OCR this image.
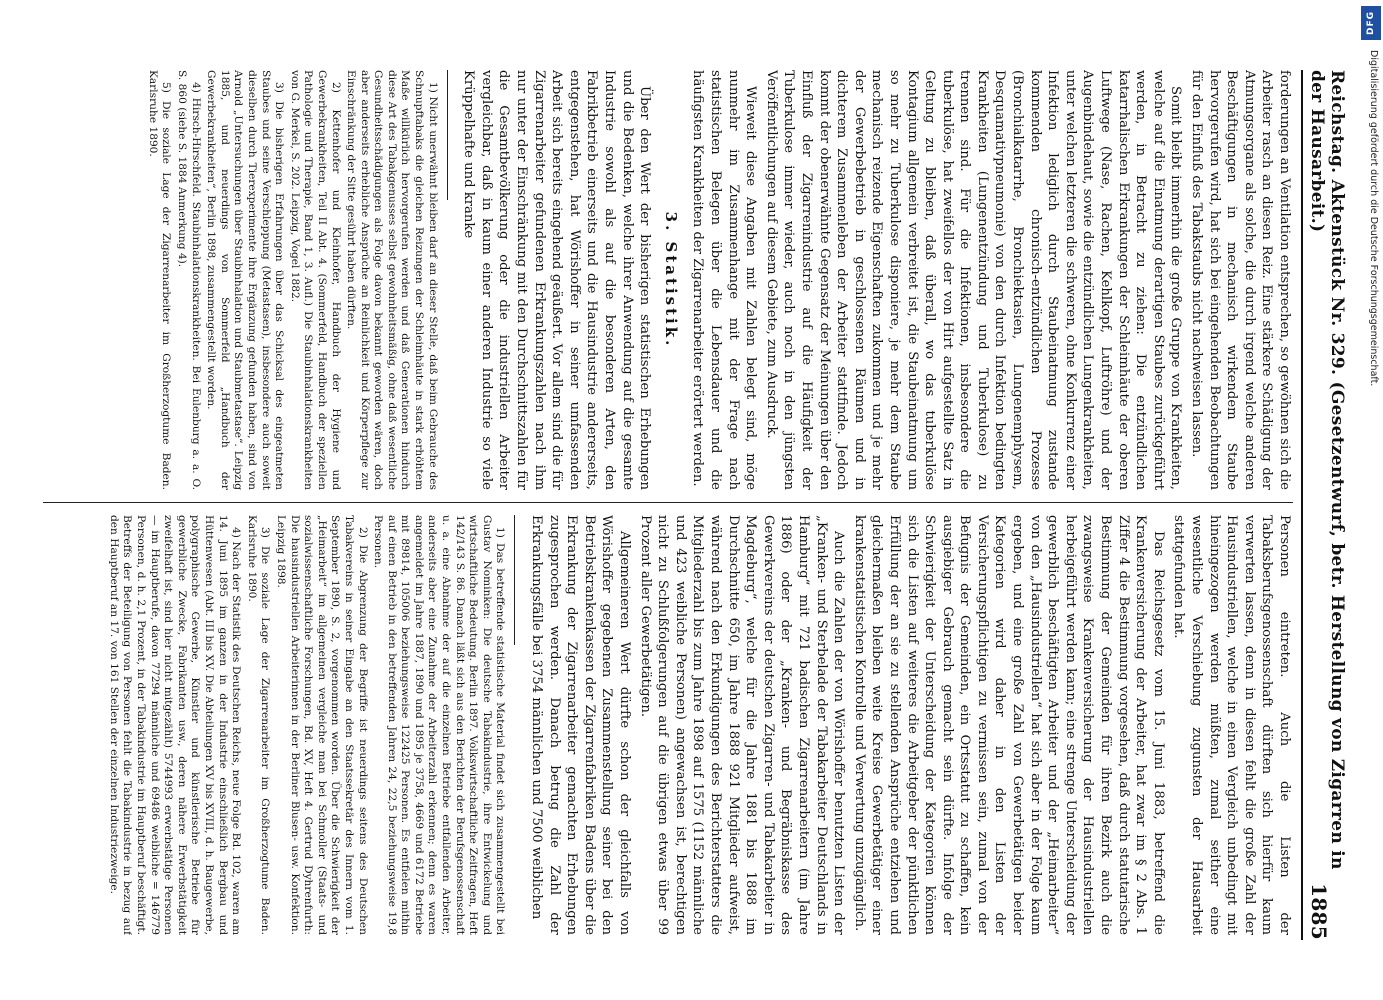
Reichstag. Aktenstück Nr. 329. (Gesetzentwurf, betr. Herstellung von Zigarren in der Hausarbeit.)
1885

forderungen an Ventilation entsprechen, so gewöhnen sich die Arbeiter rasch an diesen Reiz. Eine stärkere Schädigung der Atmungsorgane als solche, die durch irgend welche anderen Beschäftigungen in mechanisch wirkendem Staube hervorgerufen wird, hat sich bei eingehenden Beobachtungen für den Einfluß des Tabakstaubs nicht nachweisen lassen.

Somit bleibt immerhin die große Gruppe von Krankheiten, welche auf die Einatmung derartigen Staubes zurückgeführt werden, in Betracht zu ziehen: Die entzündlichen katarrhalischen Erkrankungen der Schleimhäute der oberen Luftwege (Nase, Rachen, Kehlkopf, Luftröhre) und der Augenbindehaut, sowie die entzündlichen Lungenkrankheiten, unter welchen letzteren die schweren, ohne Konkurrenz einer Infektion lediglich durch Staubeinatmung zustande kommenden chronisch-entzündlichen Prozesse (Bronchialkatarrhe, Bronchiektasien, Lungenemphysem, Desquamativpneumonie) von den durch Infektion bedingten Krankheiten (Lungenentzündung und Tuberkulose) zu trennen sind. Für die Infektionen, insbesondere die tuberkulöse, hat zweifellos der von Hirt aufgestellte Satz in Geltung zu bleiben, daß überall, wo das tuberkulöse Kontagium allgemein verbreitet ist, die Staubeinatmung um so mehr zu Tuberkulose disponiere, je mehr dem Staube mechanisch reizende Eigenschaften zukommen und je mehr der Gewerbebetrieb in geschlossenen Räumen und in dichterem Zusammenleben der Arbeiter stattfinde. Jedoch kommt der obenerwähnte Gegensatz der Meinungen über den Einfluß der Zigarrenindustrie auf die Häufigkeit der Tuberkulose immer wieder, auch noch in den jüngsten Veröffentlichungen auf diesem Gebiete, zum Ausdruck.

Wieweit diese Angaben mit Zahlen belegt sind, möge nunmehr im Zusammenhange mit der Frage nach statistischen Belegen über die Lebensdauer und die häufigsten Krankheiten der Zigarrenarbeiter erörtert werden.

3. Statistik.

Über den Wert der bisherigen statistischen Erhebungen und die Bedenken, welche ihrer Anwendung auf die gesamte Industrie sowohl als auf die besonderen Arten, den Fabrikbetrieb einerseits und die Hausindustrie andererseits, entgegenstehen, hat Wörishoffer in seiner umfassenden Arbeit sich bereits eingehend geäußert. Vor allem sind die für Zigarrenarbeiter gefundenen Erkrankungszahlen nach ihm nur unter der Einschränkung mit den Durchschnittszahlen für die Gesamtbevölkerung oder die industriellen Arbeiter vergleichbar, daß in kaum einer anderen Industrie so viele Krüppelhafte und kranke

1) Nicht unerwähnt bleiben darf an dieser Stelle, daß beim Gebrauche des Schnupftabaks die gleichen Reizungen der Schleimhäute in stark erhöhtem Maße willkürlich hervorgerufen werden und daß Generationen hindurch diese Art des Tabakgenusses selbst gewohnheitsmäßig, ohne daß wesentliche Gesundheitsschädigungen als Folge davon bekannt geworden wären, doch aber anderseits erhebliche Ansprüche an Reinlichkeit und Körperpflege zur Einschränkung der Sitte gesührt haben dürften.

2) Kettenhofer und Kleinhofer, Handbuch der Hygiene und Gewerbekrankheiten, Teil II Abt. 4. (Sommerfeld, Handbuch der speziellen Pathologie und Therapie, Band 1, 3. Aufl.) Die Staubinhalationskrankheiten von G. Merkel, S. 202. Leipzig, Vogel 1882.

3) Die bisherigen Erfahrungen über das Schicksal des eingeatmeten Staubes und seine Verschleppung (Metastasen), insbesondere auch soweit dieselben durch Tierexperimente ihre Ergänzung gefunden haben, sind von Arnold „Untersuchungen über Staubinhalation und Staubmetastase“. Leipzig 1885, und neuerdings von Sommerfeld „Handbuch der Gewerbekrankheiten“, Berlin 1898, zusammengestellt worden.

4) Hirsch-Hirschfeld. Staubinhalationskrankheiten. Bei Eulenburg a. a. O. S. 860 (siehe S. 1884 Anmerkung 4).

5) Die soziale Lage der Zigarrenarbeiter im Großherzogtume Baden. Karlsruhe 1890.

Personen eintreten. Auch die Listen der Tabaksberufsgenossenschaft dürften sich hierfür kaum verwerten lassen, denn in diesen fehlt die große Zahl der Hausindustriellen, welche in einen Vergleich unbedingt mit hineingezogen werden müßten, zumal seither eine wesentliche Verschiebung zugunsten der Hausarbeit stattgefunden hat.

Das Reichsgesetz vom 15. Juni 1883, betreffend die Krankenversicherung der Arbeiter, hat zwar im § 2 Abs. 1 Ziffer 4 die Bestimmung vorgesehen, daß durch statutarische Bestimmung der Gemeinden für ihren Bezirk auch die zwangsweise Krankenversicherung der Hausindustriellen herbeigeführt werden kann; eine strenge Unterscheidung der gewerblich beschäftigten Arbeiter und der „Heimarbeiter“ von den „Hausindustriellen“ hat sich aber in der Folge kaum ergeben, und eine große Zahl von Gewerbetätigen beider Kategorien wird daher in den Listen der Versicherungspflichtigen zu vermissen sein, zumal von der Befugnis der Gemeinden, ein Ortsstatut zu schaffen, kein ausgiebiger Gebrauch gemacht sein dürfte. Infolge der Schwierigkeit der Unterscheidung der Kategorien können sich die Listen auf weiteres die Arbeitgeber der pünktlichen Erfüllung der an sie zu stellenden Ansprüche entziehen und gleichermaßen bleiben weite Kreise Gewerbetätiger einer krankenstatistischen Kontrolle und Verwertung unzugänglich.

Auch die Zahlen der von Wörishoffer benutzten Listen der „Kranken- und Sterbelade der Tabakarbeiter Deutschlands in Hamburg“ mit 721 badischen Zigarrenarbeitern (im Jahre 1886) oder der „Kranken- und Begräbniskasse des Gewerkvereins der deutschen Zigarren- und Tabakarbeiter in Magdeburg“, welche für die Jahre 1881 bis 1888 im Durchschnitte 650, im Jahre 1888 921 Mitglieder aufweist, während nach den Erkundigungen des Berichterstatters die Mitgliederzahl bis zum Jahre 1898 auf 1575 (1152 männliche und 423 weibliche Personen) angewachsen ist, berechtigen nicht zu Schlußfolgerungen auf die übrigen etwas über 99 Prozent aller Gewerbetätigen.

Allgemeineren Wert dürfte schon der gleichfalls von Wörishoffer gegebenen Zusammenstellung seiner bei den Betriebskrankenkassen der Zigarrenfabriken Badens über die Erkrankung der Zigarrenarbeiter gemachten Erhebungen zugesprochen werden. Danach betrug die Zahl der Erkrankungsfälle bei 3754 männlichen und 7500 weiblichen

1) Das betreffende statistische Material findet sich zusammengestellt bei Gustav Nominken: Die deutsche Tabakindustrie, ihre Entwickelung und wirtschaftliche Bedeutung. Berlin 1897. Volkswirtschaftliche Zeitfragen, Heft 142/143 S. 86. Danach läßt sich aus den Berichten der Berufsgenossenschaft u. a. eine Abnahme der auf die einzelnen Betriebe entfallenden Arbeiter, anderseits aber eine Zunahme der Arbeiterzahl erkennen; denn es waren angemeldet im Jahre 1887, 1890 und 1895 je 3758, 4669 und 6172 Betriebe mit 89814, 105006 beziehungsweise 122425 Personen. Es entfielen mithin auf einen Betrieb in den betreffenden Jahren 24, 22,5 beziehungsweise 19,8 Personen.

2) Die Abgrenzung der Begriffe ist neuerdings seitens des Deutschen Tabakvereins in seiner Eingabe an den Staatssekretär des Innern vom 1. September 1890, S. 2, vorgenommen worden. Über die Schwierigkeit der „Heimarbeit“ im allgemeinen vergleiche man bei Schmoller (Staats- und sozialwissenschaftliche Forschungen, Bd. XV, Heft 4. Gertrud Dyhrenfurth: Die hausindustriellen Arbeiterinnen in der Berliner Blusen- usw. Konfektion. Leipzig 1898.

3) Die soziale Lage der Zigarrenarbeiter im Großherzogtume Baden. Karlsruhe 1890.

4) Nach der Statistik des Deutschen Reichs, neue Folge Bd. 102, waren am 14. Juni 1895 im ganzen in der Industrie einschließlich Bergbau und Hüttenwesen (Abt. III bis XV. Die Abteilungen XV bis XVIII, d. h. Baugewerbe, polygraphische Gewerbe, Künstler und künstlerische Betriebe für gewerbliche Zwecke, Fabrikanten usw., deren nähere Erwerbstätigkeit zweifelhaft ist, sind hier nicht mitgezählt) 5744993 erwerbstätige Personen — im Hauptberufe, davon 77294 männliche und 69486 weibliche = 146779 Personen, d. h. 2,1 Prozent, in der Tabakindustrie im Hauptberuf beschäftigt. Betreffs der Beteiligung von Personen fehlt die Tabakindustrie in bezug auf den Hauptberuf an 17. von 161 Stellen der einzelnen Industriezweige.

DFG
Digitalisierung gefördert durch die Deutsche Forschungsgemeinschaft.
